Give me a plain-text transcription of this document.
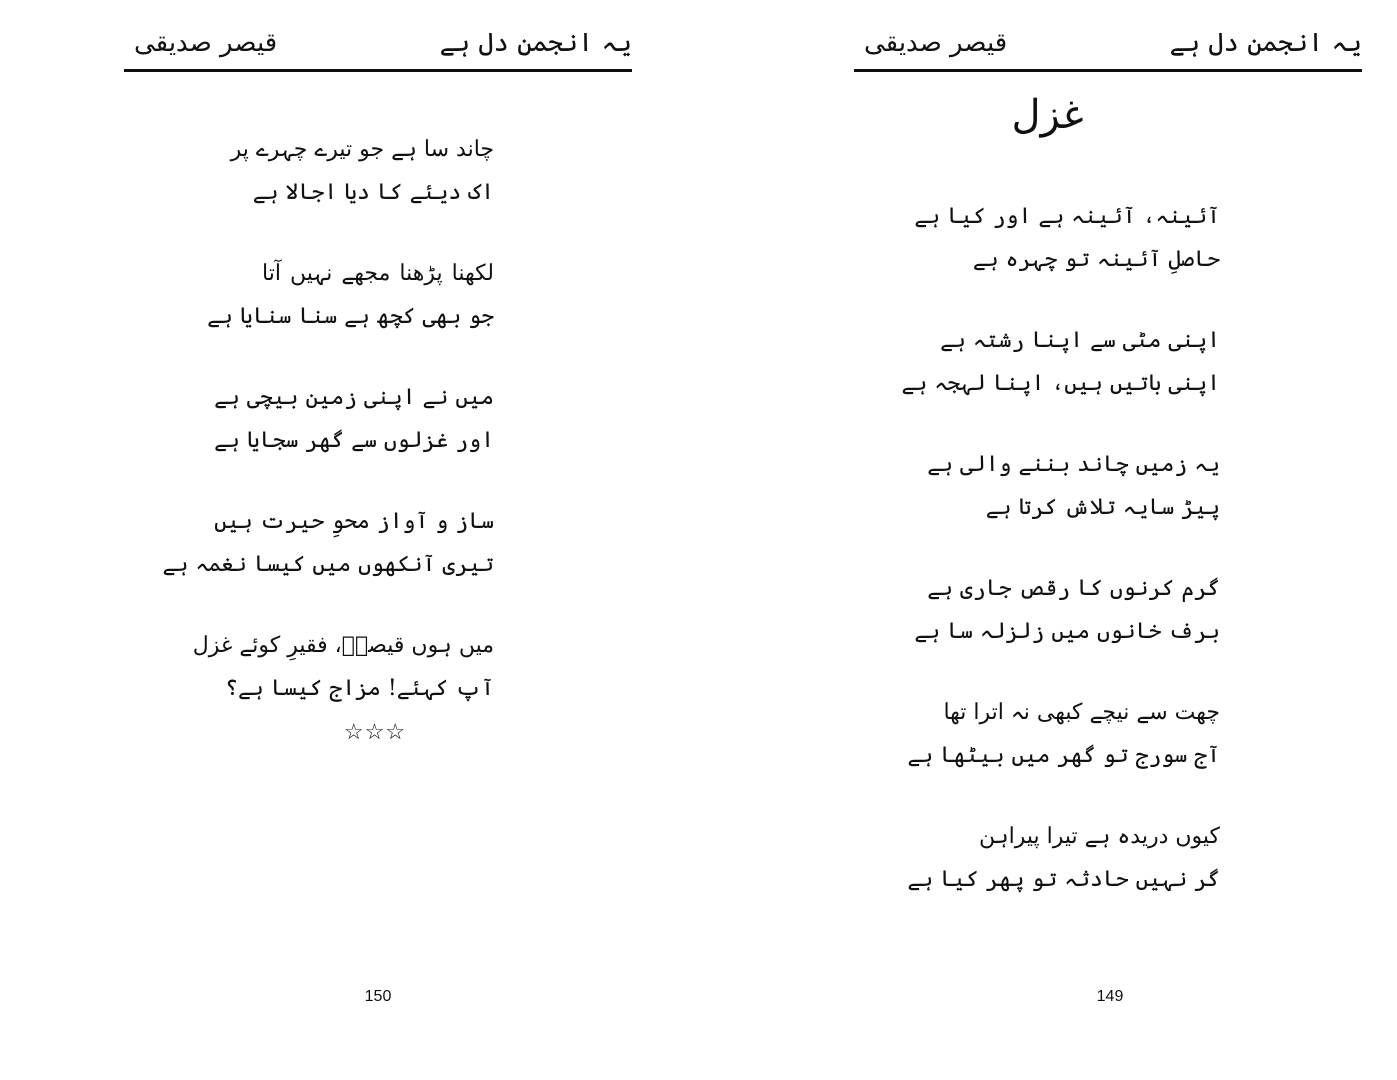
یہ انجمن دل ہے
قیصر صدیقی
چاند سا ہے جو تیرے چہرے پر
اک دیئے کا دیا اجالا ہے
لکھنا پڑھنا مجھے نہیں آتا
جو بھی کچھ ہے سنا سنایا ہے
میں نے اپنی زمین بیچی ہے
اور غزلوں سے گھر سجایا ہے
ساز و آواز محوِ حیرت ہیں
تیری آنکھوں میں کیسا نغمہ ہے
میں ہوں قیصرؔ، فقیرِ کوئے غزل
آپ کہئے! مزاج کیسا ہے؟
☆☆☆
150
یہ انجمن دل ہے
قیصر صدیقی
غزل
آئینہ، آئینہ ہے اور کیا ہے
حاصلِ آئینہ تو چہرہ ہے
اپنی مٹی سے اپنا رشتہ ہے
اپنی باتیں ہیں، اپنا لہجہ ہے
یہ زمیں چاند بننے والی ہے
پیڑ سایہ تلاش کرتا ہے
گرم کرنوں کا رقص جاری ہے
برف خانوں میں زلزلہ سا ہے
چھت سے نیچے کبھی نہ اترا تھا
آج سورج تو گھر میں بیٹھا ہے
کیوں دریدہ ہے تیرا پیراہن
گر نہیں حادثہ تو پھر کیا ہے
149
